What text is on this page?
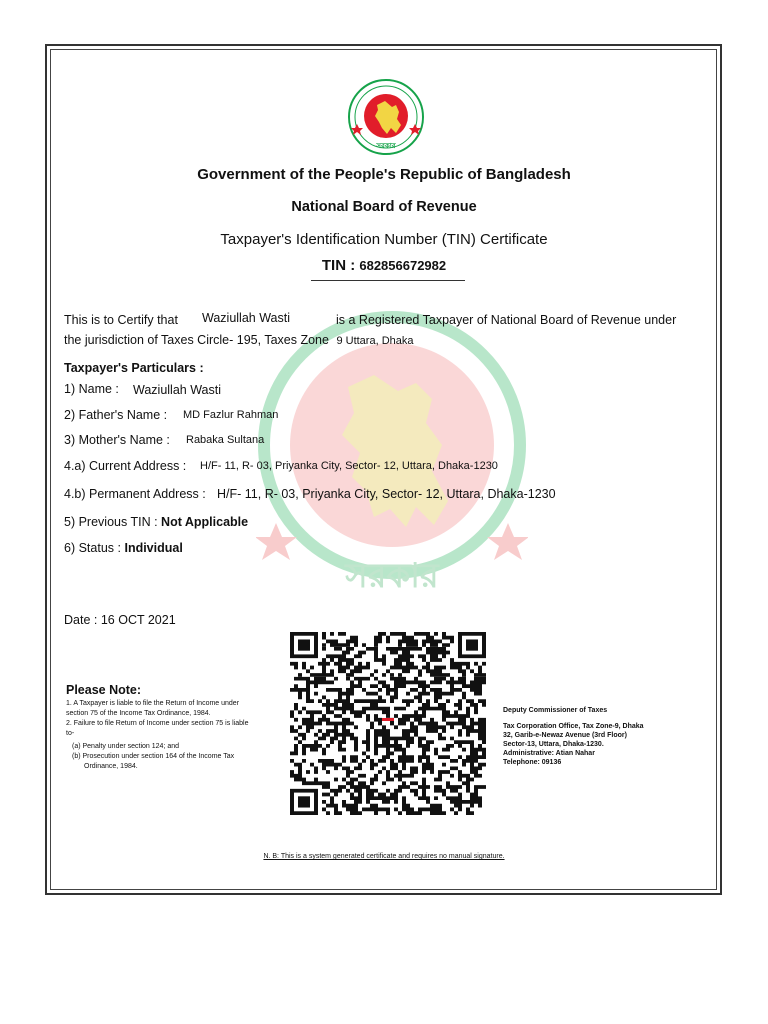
সরকার
সরকার
Government of the People's Republic of Bangladesh
National Board of Revenue
Taxpayer's Identification Number (TIN) Certificate
TIN : 682856672982
This is to Certify that Waziullah Wasti	is a Registered Taxpayer of National Board of Revenue under
the jurisdiction of Taxes Circle- 195, Taxes Zone 9 Uttara, Dhaka
Taxpayer's Particulars :
1) Name : Waziullah Wasti
2) Father's Name : MD Fazlur Rahman
3) Mother's Name : Rabaka Sultana
4.a) Current Address : H/F- 11, R- 03, Priyanka City, Sector- 12, Uttara, Dhaka-1230
4.b) Permanent Address : H/F- 11, R- 03, Priyanka City, Sector- 12, Uttara, Dhaka-1230
5) Previous TIN : Not Applicable
6) Status : Individual
Date : 16 OCT 2021
Please Note:
1. A Taxpayer is liable to file the Return of Income under
section 75 of the Income Tax Ordinance, 1984.
2. Failure to file Return of Income under section 75 is liable
to-
(a) Penalty under section 124; and
(b) Prosecution under section 164 of the Income Tax
Ordinance, 1984.
Deputy Commissioner of Taxes
Tax Corporation Office, Tax Zone-9, Dhaka
32, Garib-e-Newaz Avenue (3rd Floor)
Sector-13, Uttara, Dhaka-1230.
Administrative: Atian Nahar
Telephone: 09136
N. B: This is a system generated certificate and requires no manual signature.
